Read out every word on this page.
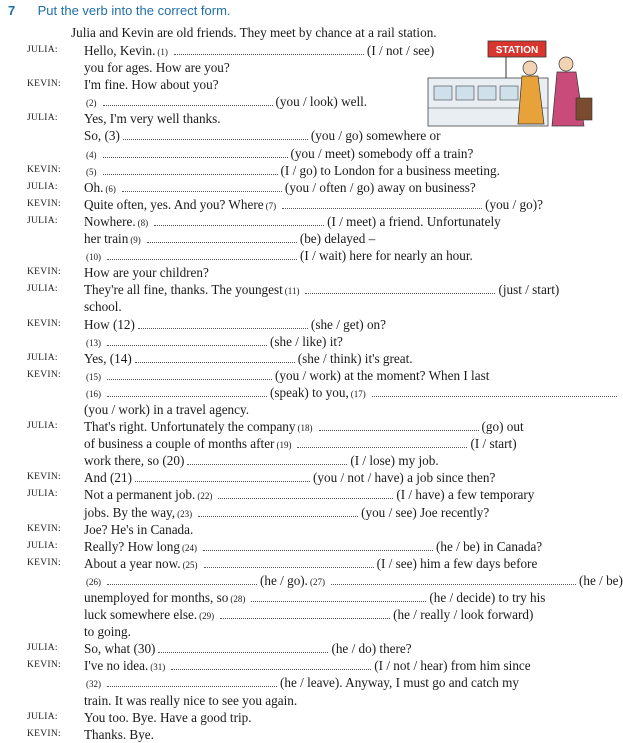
7 Put the verb into the correct form.
Julia and Kevin are old friends. They meet by chance at a rail station.
STATION
JULIA:	Hello, Kevin. (1)	(I / not / see)
you for ages. How are you?
KEVIN:	I'm fine. How about you?
(2)	(you / look) well.
JULIA:	Yes, I'm very well thanks.
So, (3)	(you / go) somewhere or
(4)	(you / meet) somebody off a train?
KEVIN:	(5)	(I / go) to London for a business meeting.
JULIA:	Oh. (6)	(you / often / go) away on business?
KEVIN:	Quite often, yes. And you? Where (7)	(you / go)?
JULIA:	Nowhere. (8)	(I / meet) a friend. Unfortunately
her train (9)	(be) delayed –
(10)	(I / wait) here for nearly an hour.
KEVIN:	How are your children?
JULIA:	They're all fine, thanks. The youngest (11)	(just / start)
school.
KEVIN:	How (12)	(she / get) on?
(13)	(she / like) it?
JULIA:	Yes, (14)	(she / think) it's great.
KEVIN:	(15)	(you / work) at the moment? When I last
(16)	(speak) to you, (17)
(you / work) in a travel agency.
JULIA:	That's right. Unfortunately the company (18)	(go) out
of business a couple of months after (19)	(I / start)
work there, so (20)	(I / lose) my job.
KEVIN:	And (21)	(you / not / have) a job since then?
JULIA:	Not a permanent job. (22)	(I / have) a few temporary
jobs. By the way, (23)	(you / see) Joe recently?
KEVIN:	Joe? He's in Canada.
JULIA:	Really? How long (24)	(he / be) in Canada?
KEVIN:	About a year now. (25)	(I / see) him a few days before
(26)	(he / go). (27)	(he / be)
unemployed for months, so (28)	(he / decide) to try his
luck somewhere else. (29)	(he / really / look forward)
to going.
JULIA:	So, what (30)	(he / do) there?
KEVIN:	I've no idea. (31)	(I / not / hear) from him since
(32)	(he / leave). Anyway, I must go and catch my
train. It was really nice to see you again.
JULIA:	You too. Bye. Have a good trip.
KEVIN:	Thanks. Bye.
